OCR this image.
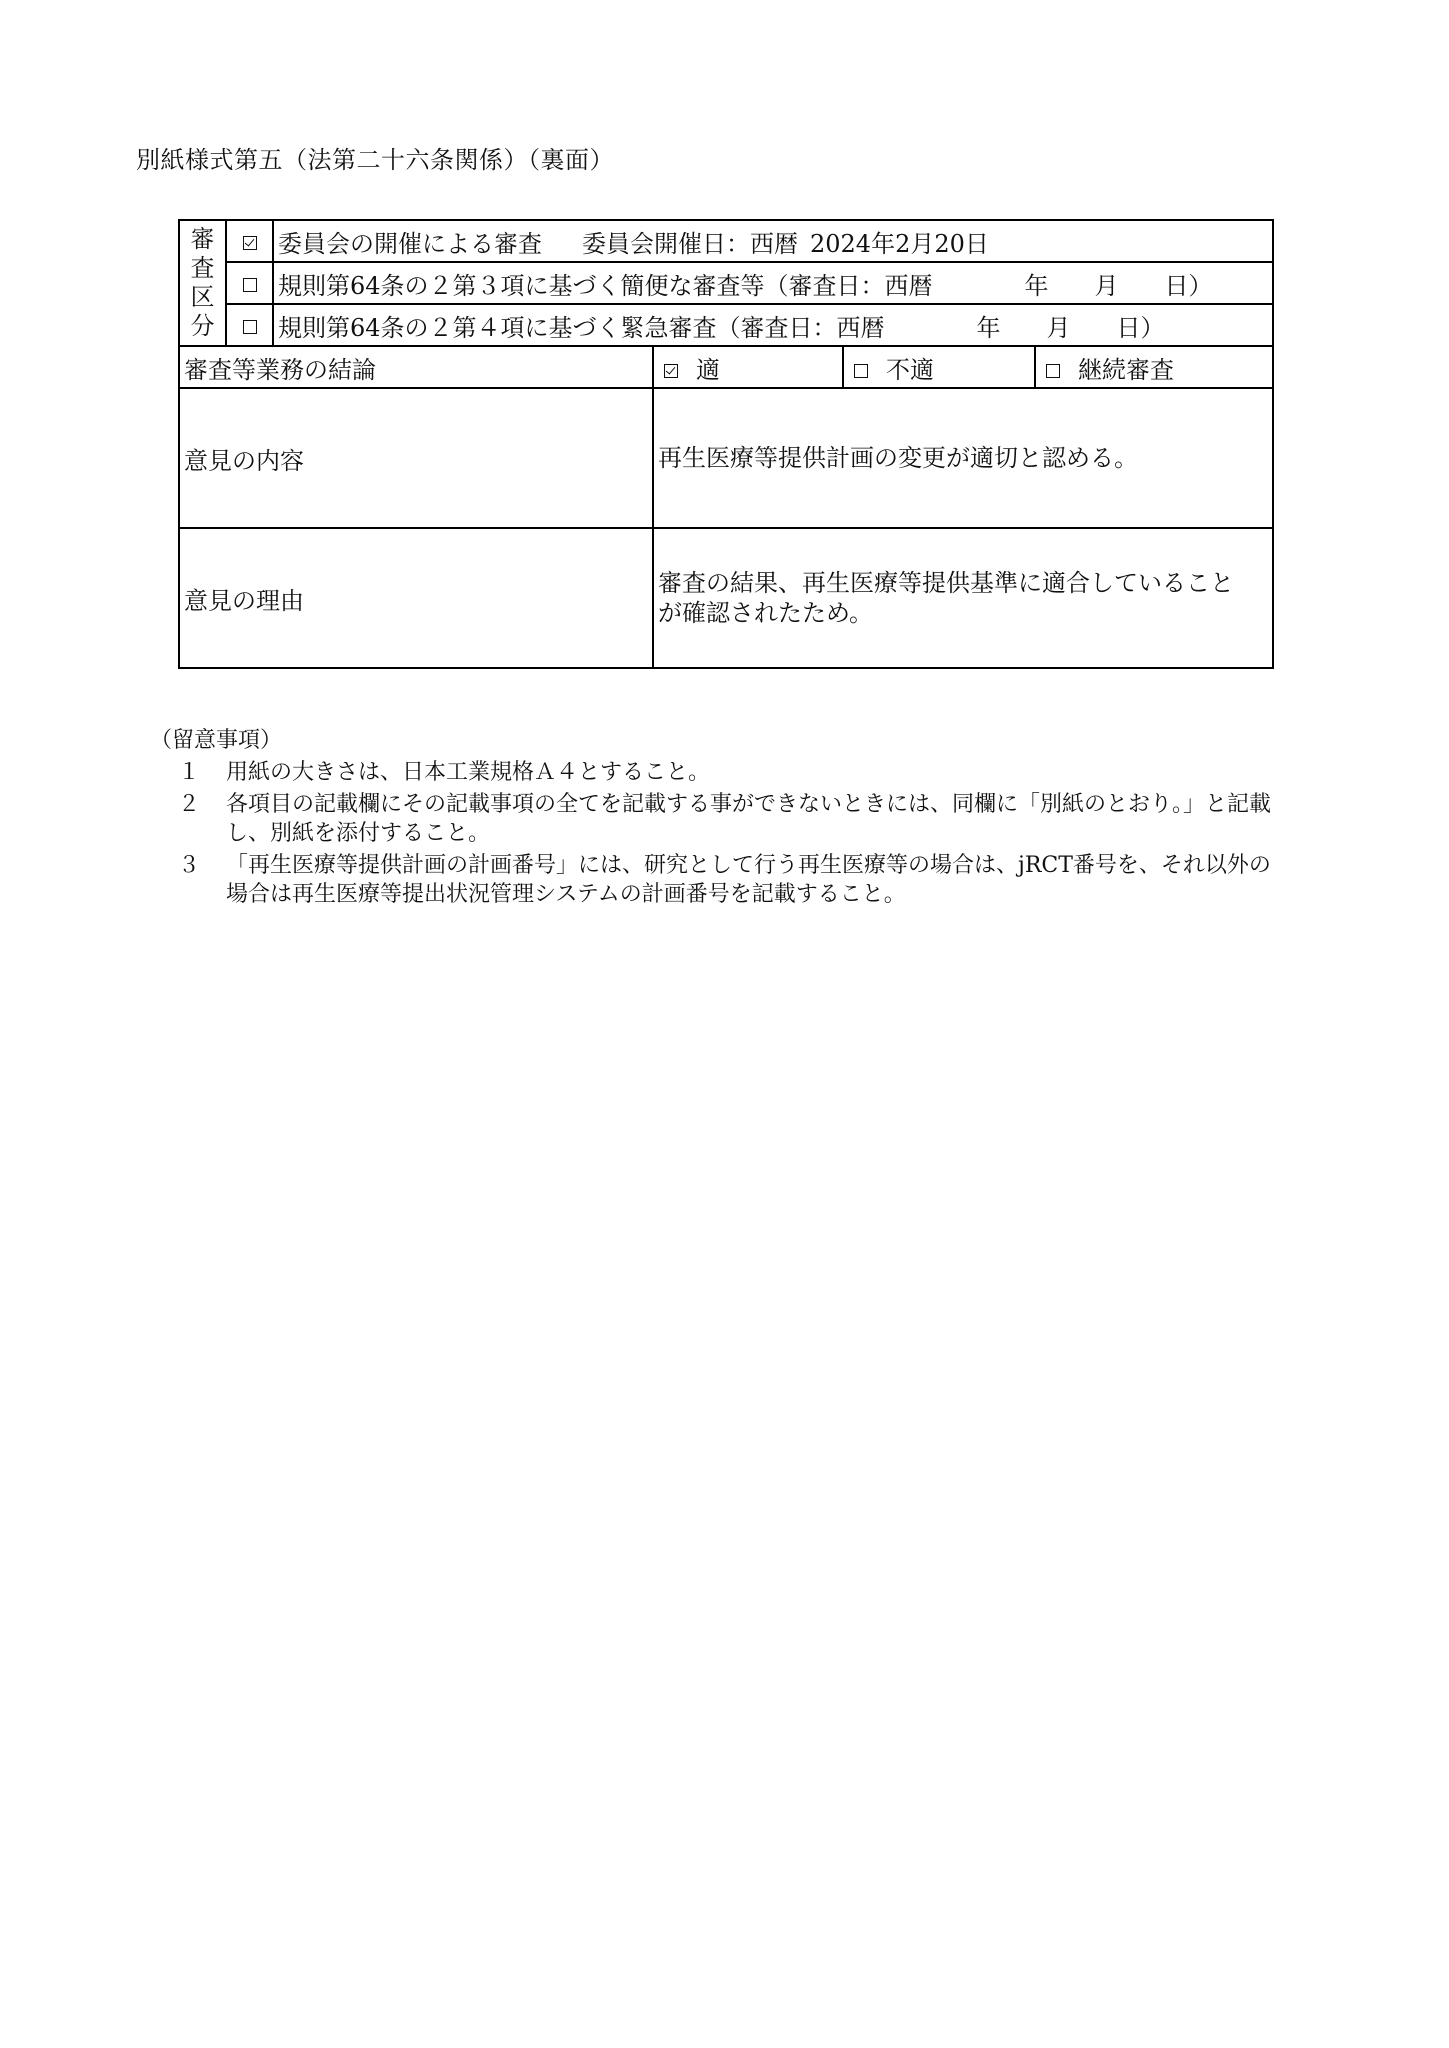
別紙様式第五（法第二十六条関係）（裏面）
審
査
区
分		委員会の開催による審査 委員会開催日：西暦 2024年2月20日			
		規則第64条の２第３項に基づく簡便な審査等（審査日：西暦 年 月 日）			
		規則第64条の２第４項に基づく緊急審査（審査日：西暦 年 月 日）			
審査等業務の結論			適	不適	継続審査
意見の内容			再生医療等提供計画の変更が適切と認める。		
意見の理由			審査の結果、再生医療等提供基準に適合していることが確認されたため。		
（留意事項）
１	用紙の大きさは、日本工業規格Ａ４とすること。
２	各項目の記載欄にその記載事項の全てを記載する事ができないときには、同欄に「別紙のとおり。」と記載し、別紙を添付すること。
３	「再生医療等提供計画の計画番号」には、研究として行う再生医療等の場合は、jRCT番号を、それ以外の場合は再生医療等提出状況管理システムの計画番号を記載すること。
